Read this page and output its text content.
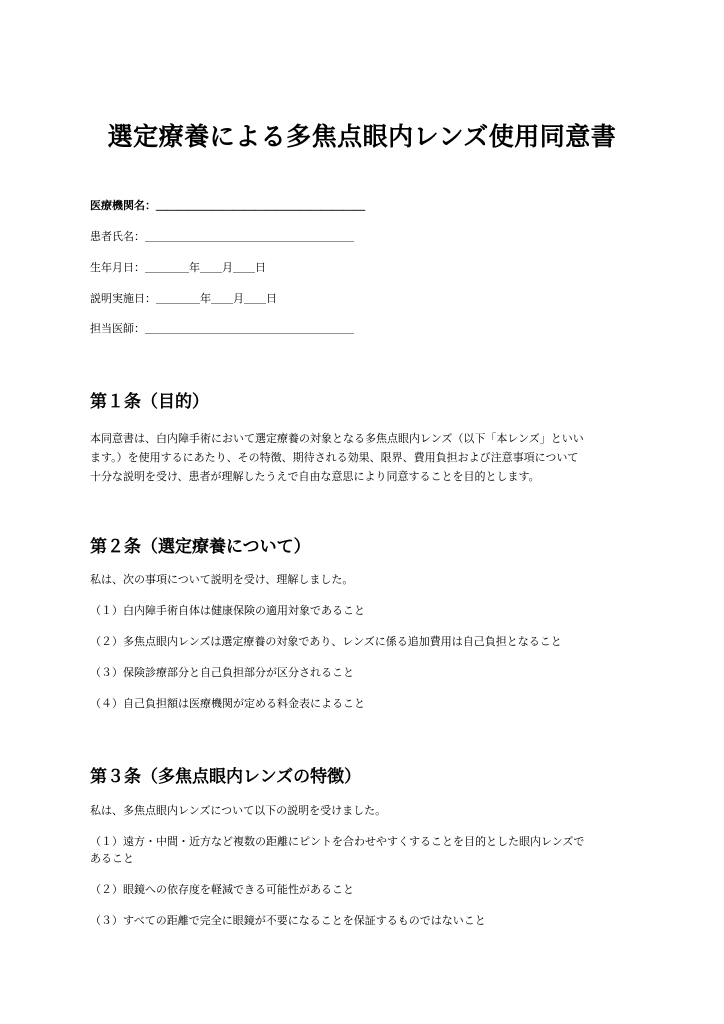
選定療養による多焦点眼内レンズ使用同意書
医療機関名：＿＿＿＿＿＿＿＿＿＿＿＿＿＿＿＿＿＿＿
患者氏名：＿＿＿＿＿＿＿＿＿＿＿＿＿＿＿＿＿＿＿
生年月日：＿＿＿＿年＿＿月＿＿日
説明実施日：＿＿＿＿年＿＿月＿＿日
担当医師：＿＿＿＿＿＿＿＿＿＿＿＿＿＿＿＿＿＿＿
第１条（目的）
本同意書は、白内障手術において選定療養の対象となる多焦点眼内レンズ（以下「本レンズ」といい
ます。）を使用するにあたり、その特徴、期待される効果、限界、費用負担および注意事項について
十分な説明を受け、患者が理解したうえで自由な意思により同意することを目的とします。
第２条（選定療養について）
私は、次の事項について説明を受け、理解しました。
（１）白内障手術自体は健康保険の適用対象であること
（２）多焦点眼内レンズは選定療養の対象であり、レンズに係る追加費用は自己負担となること
（３）保険診療部分と自己負担部分が区分されること
（４）自己負担額は医療機関が定める料金表によること
第３条（多焦点眼内レンズの特徴）
私は、多焦点眼内レンズについて以下の説明を受けました。
（１）遠方・中間・近方など複数の距離にピントを合わせやすくすることを目的とした眼内レンズで
あること
（２）眼鏡への依存度を軽減できる可能性があること
（３）すべての距離で完全に眼鏡が不要になることを保証するものではないこと
